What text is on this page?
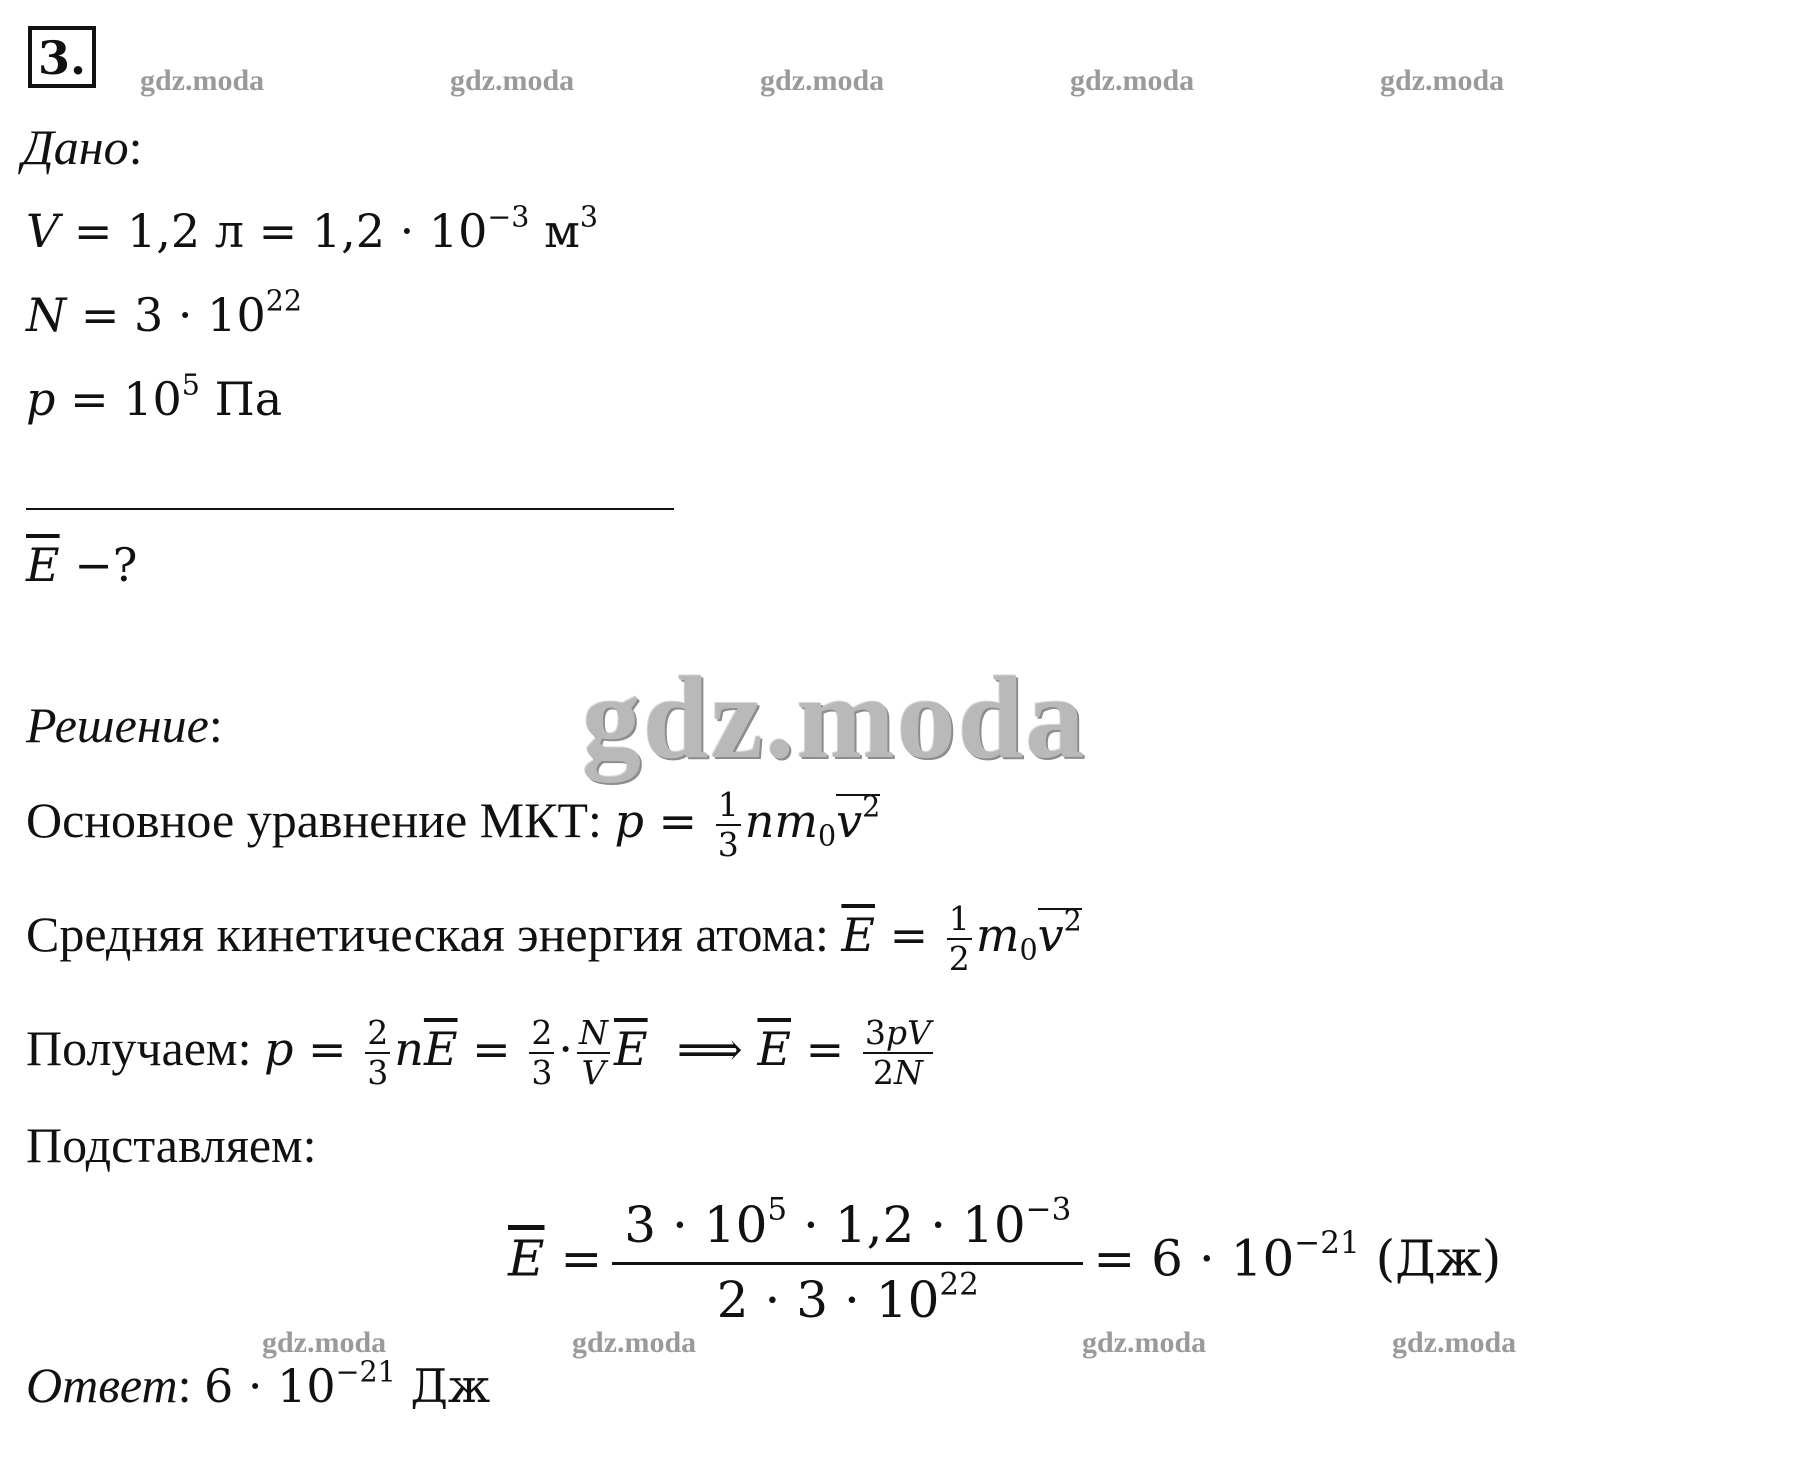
3.	gdz.moda	gdz.moda	gdz.moda	gdz.moda	gdz.moda
Дано:
V = 1,2 $л = 1,2 \cdot 10^{-3}$ $м^3$
$N = 3 \cdot 10^{22}$
$p = 10^5$ Па
$\overline{E}$ −?
gdz.moda
Решение:
Основное уравнение МКТ: $p = \frac{1}{3} nm_0v^2$
Средняя кинетическая энергия атома: $\overline{E} = \frac{1}{2} m_0v^2$
Получаем: $p = \frac{2}{3} n\overline{E} = \frac{2}{3} \cdot \frac{N}{V} \overline{E}$  ⟹ $\overline{E} = \frac{3pV}{2N}$
Подставляем:
$\overline{E} = \frac{3 \cdot 10^5 \cdot 1,2 \cdot 10^{-3}}{2 \cdot 3 \cdot 10^{22}} = 6 \cdot 10^{-21}$ (Дж)
gdz.moda	gdz.moda	gdz.moda	gdz.moda
Ответ: $6 \cdot 10^{-21}$ Дж
